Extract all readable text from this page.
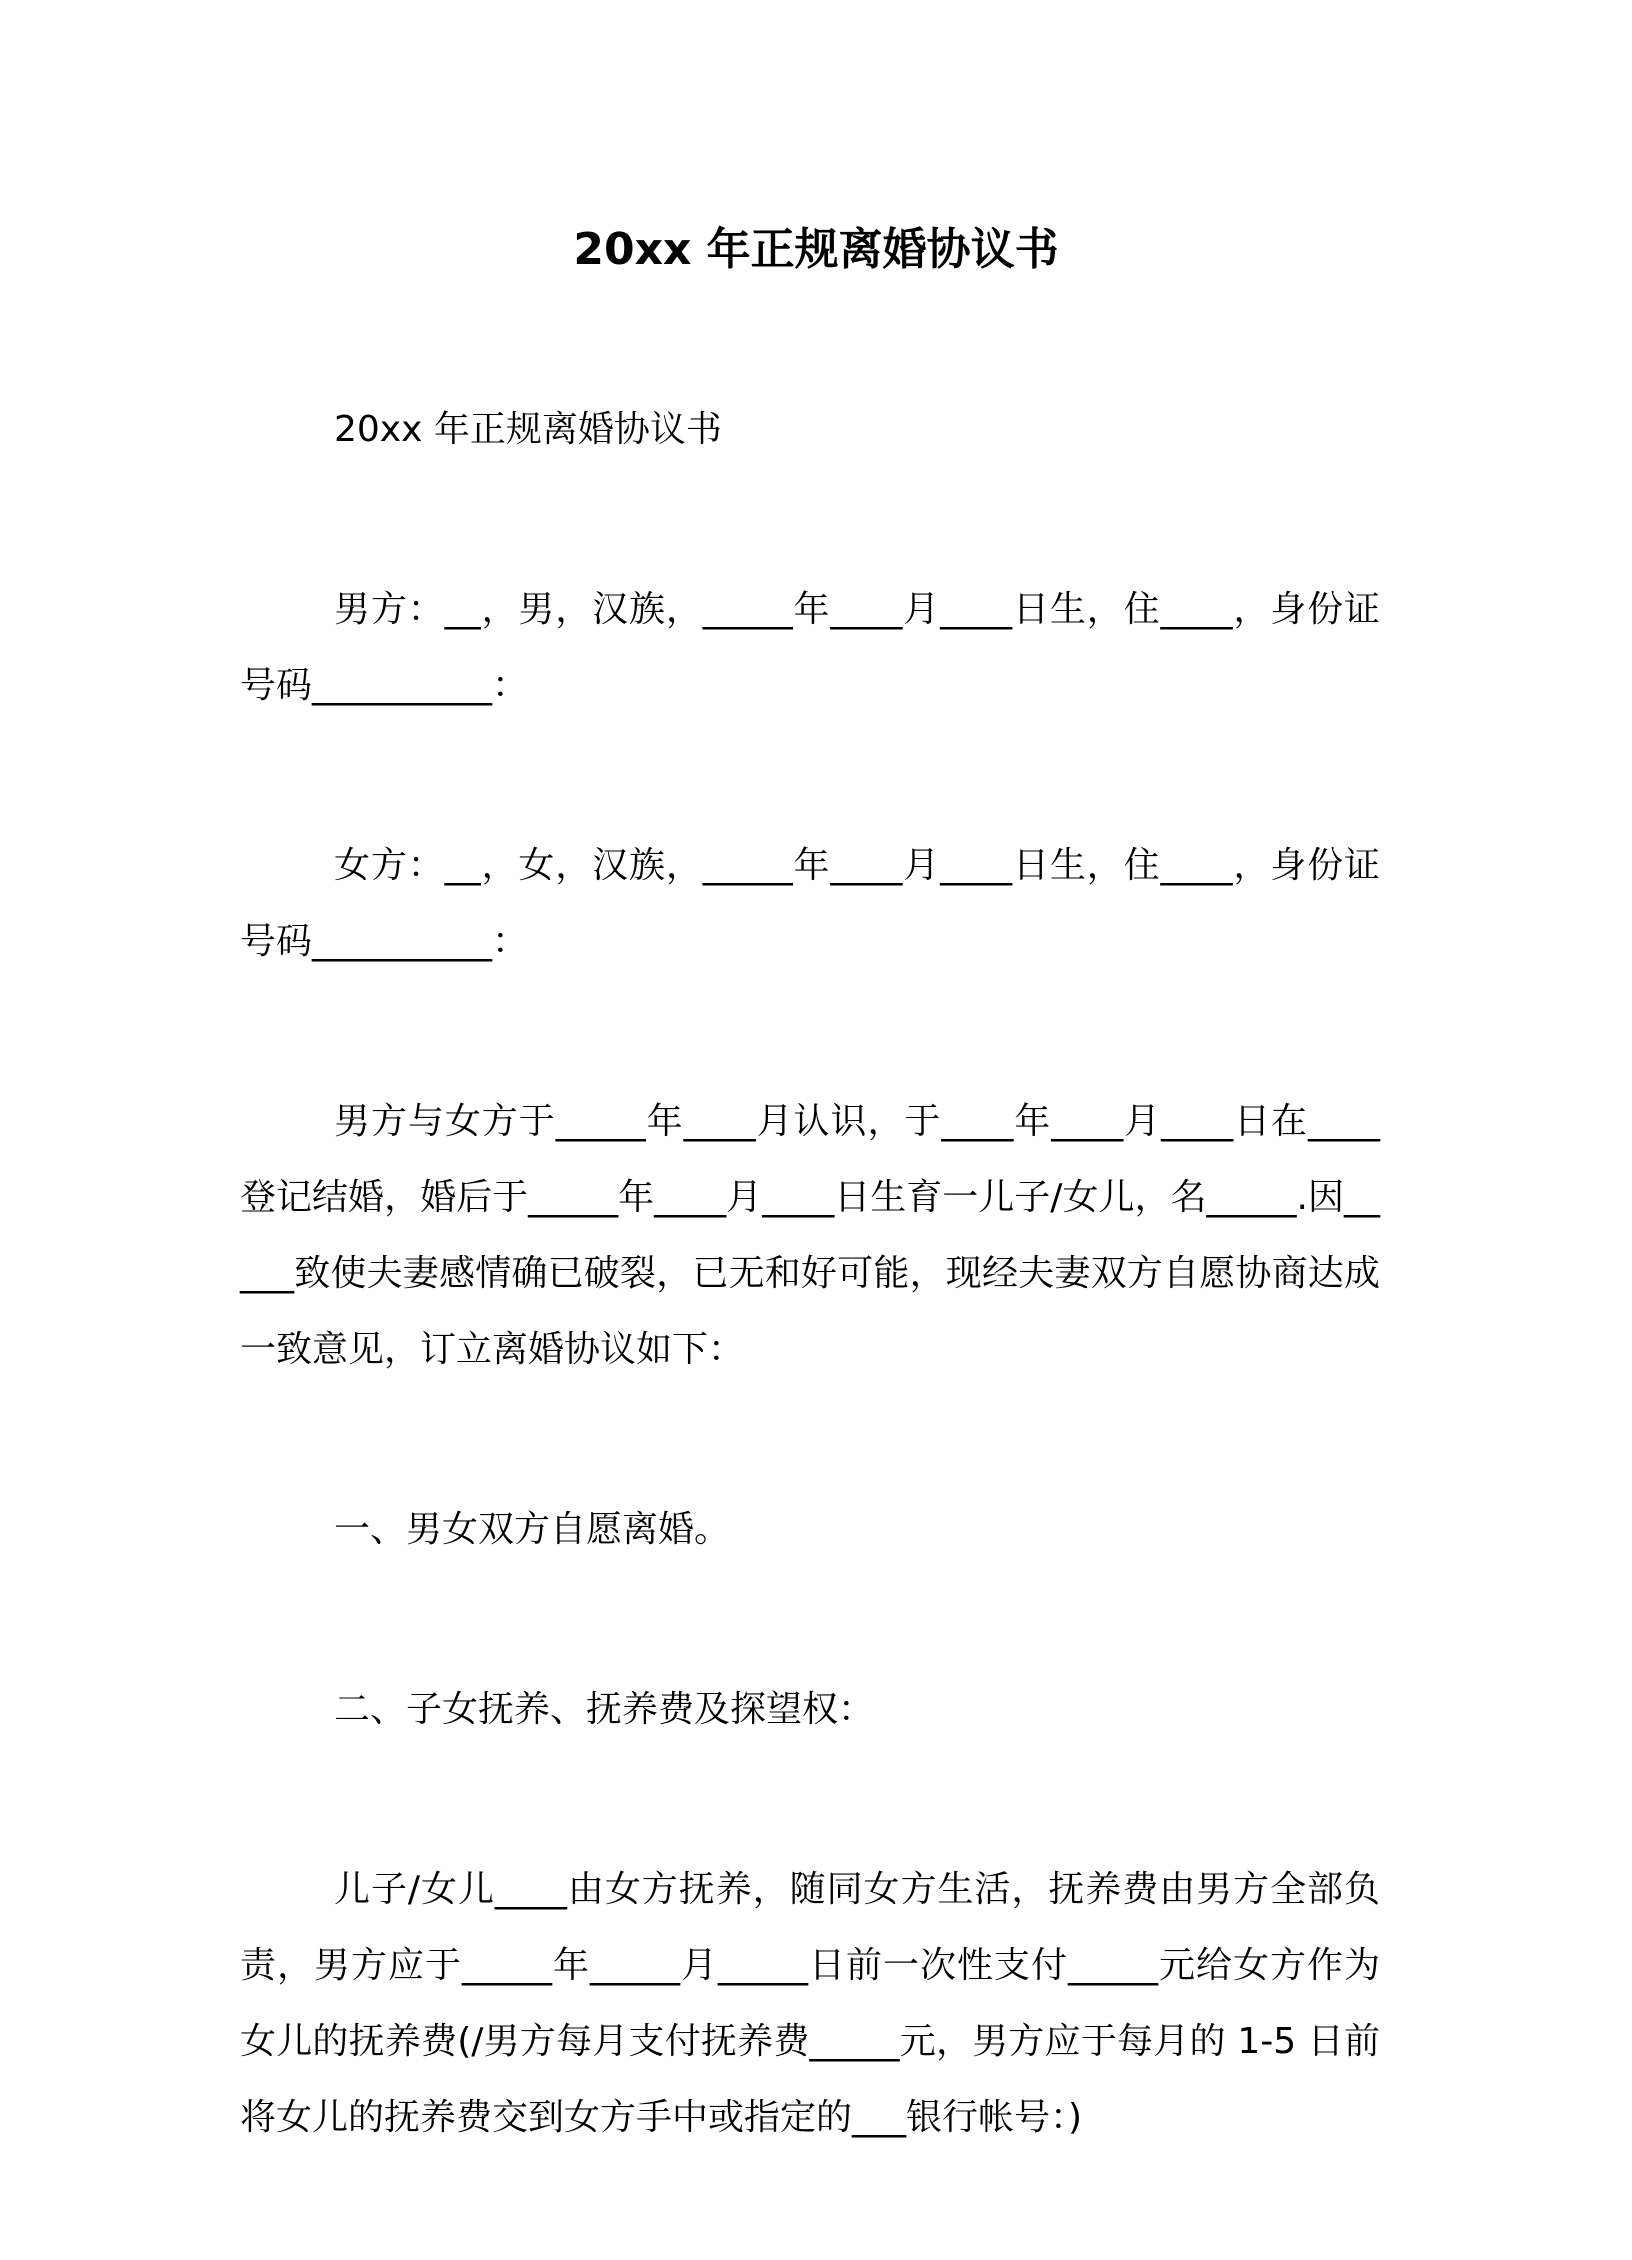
20xx 年正规离婚协议书

20xx 年正规离婚协议书

男方：__，男，汉族，_____年____月____日生，住____，身份证号码__________：

女方：__，女，汉族，_____年____月____日生，住____，身份证号码__________：

男方与女方于_____年____月认识，于____年____月____日在____登记结婚，婚后于_____年____月____日生育一儿子/女儿，名_____.因_____致使夫妻感情确已破裂，已无和好可能，现经夫妻双方自愿协商达成一致意见，订立离婚协议如下：

一、男女双方自愿离婚。

二、子女抚养、抚养费及探望权：

儿子/女儿____由女方抚养，随同女方生活，抚养费由男方全部负责，男方应于_____年_____月_____日前一次性支付_____元给女方作为女儿的抚养费(/男方每月支付抚养费_____元，男方应于每月的 1-5 日前将女儿的抚养费交到女方手中或指定的___银行帐号：)
